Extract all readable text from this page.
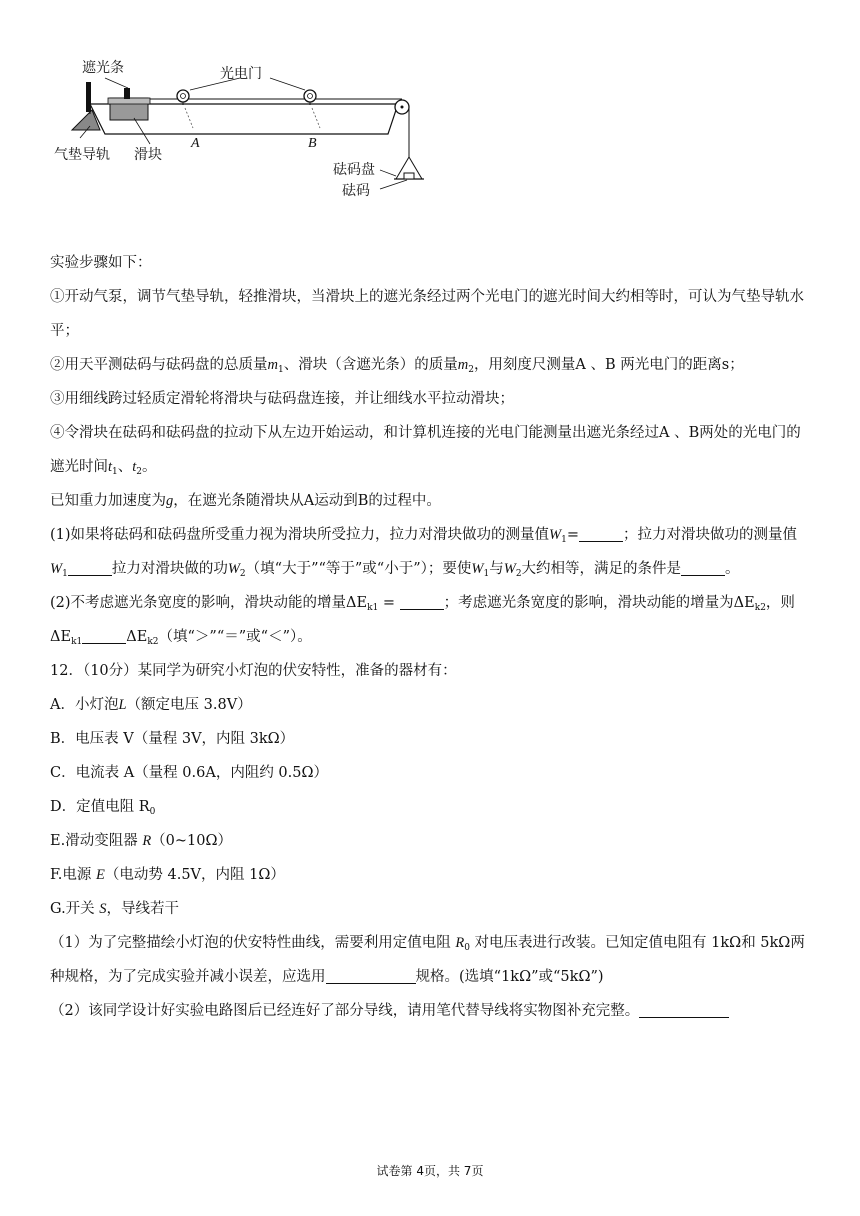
遮光条	光电门
气垫导轨 滑块
A	B
砝码盘
砝码

实验步骤如下：

①开动气泵，调节气垫导轨，轻推滑块，当滑块上的遮光条经过两个光电门的遮光时间大约相等时，可认为气垫导轨水平；

②用天平测砝码与砝码盘的总质量$m_1$、滑块（含遮光条）的质量$m_2$，用刻度尺测量A 、B 两光电门的距离s；

③用细线跨过轻质定滑轮将滑块与砝码盘连接，并让细线水平拉动滑块；

④令滑块在砝码和砝码盘的拉动下从左边开始运动，和计算机连接的光电门能测量出遮光条经过A 、B两处的光电门的遮光时间$t_1$、$t_2$。

已知重力加速度为g，在遮光条随滑块从A运动到B的过程中。

(1)如果将砝码和砝码盘所受重力视为滑块所受拉力，拉力对滑块做功的测量值$W_1=$	；拉力对滑块做功的测量值$W_1$	拉力对滑块做的功$W_2$（填“大于”“等于”或“小于”）；要使$W_1$与$W_2$大约相等，满足的条件是	。

(2)不考虑遮光条宽度的影响，滑块动能的增量$\Delta E_{k1}$ =	；考虑遮光条宽度的影响，滑块动能的增量为$\Delta E_{k2}$，则
$\Delta E_{k1}$	$\Delta E_{k2}$（填“＞”“＝”或“＜”）。

12．（10分）某同学为研究小灯泡的伏安特性，准备的器材有：

A．小灯泡L（额定电压 3.8V）

B．电压表 V（量程 3V，内阻 3kΩ）

C．电流表 A（量程 0.6A，内阻约 0.5Ω）

D．定值电阻 $R_0$

E.滑动变阻器 R（0~10Ω）

F.电源 E（电动势 4.5V，内阻 1Ω）

G.开关 S，导线若干

（1）为了完整描绘小灯泡的伏安特性曲线，需要利用定值电阻 $R_0$ 对电压表进行改装。已知定值电阻有 1kΩ和 5kΩ两种规格，为了完成实验并减小误差，应选用	规格。(选填“1kΩ”或“5kΩ”)

（2）该同学设计好实验电路图后已经连好了部分导线，请用笔代替导线将实物图补充完整。

试卷第 4页，共 7页
